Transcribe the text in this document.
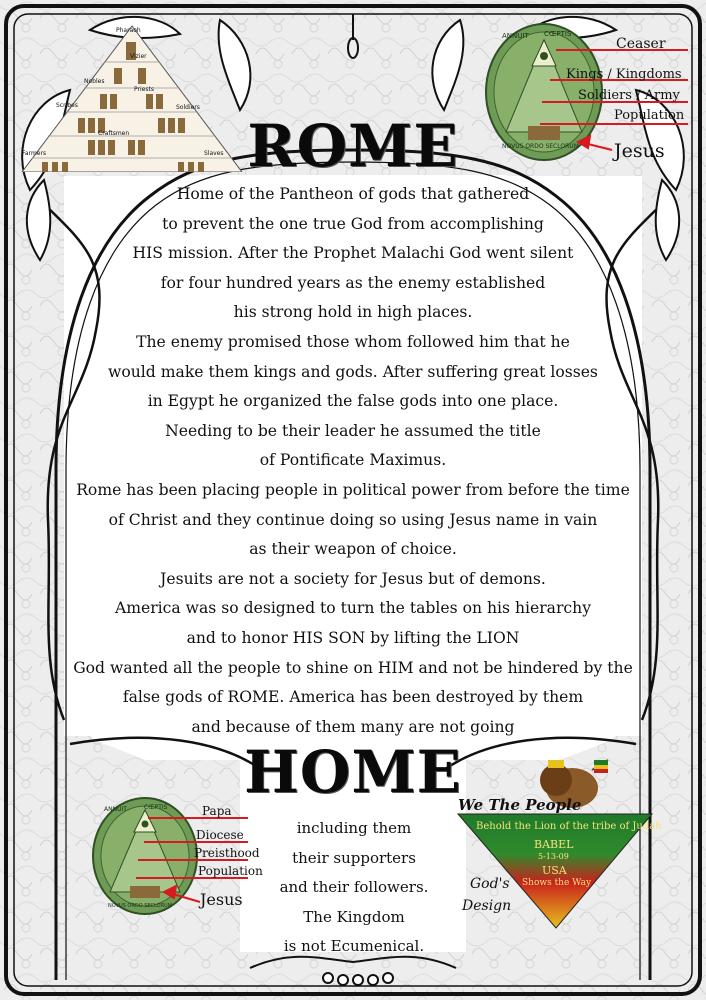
Pharaoh
Vizier
Nobles
Priests
Scribes	Soldiers
Craftsmen
Farmers	Slaves
ANNUIT CŒPTIS
NOVUS ORDO SECLORUM
Ceaser
Kings / Kingdoms
Soldiers / Army
Population
Jesus
ROME
HOME
Home of the Pantheon of gods that gathered
to prevent the one true God from accomplishing
HIS mission. After the Prophet Malachi God went silent
for four hundred years as the enemy established
his strong hold in high places.
The enemy promised those whom followed him that he
would make them kings and gods. After suffering great losses
in Egypt he organized the false gods into one place.
Needing to be their leader he assumed the title
of Pontificate Maximus.
Rome has been placing people in political power from before the time
of Christ and they continue doing so using Jesus name in vain
as their weapon of choice.
Jesuits are not a society for Jesus but of demons.
America was so designed to turn the tables on his hierarchy
and to honor HIS SON by lifting the LION
God wanted all the people to shine on HIM and not be hindered by the
false gods of ROME. America has been destroyed by them
and because of them many are not going
including them
their supporters
and their followers.
The Kingdom
is not Ecumenical.
ANNUIT	CŒPTIS
NOVUS ORDO SECLORUM
Papa
Diocese
Preisthood
Population
Jesus
We The People
Behold the Lion of the tribe of Judah
BABEL
5-13-09
USA
Shows the Way
God's
Design
